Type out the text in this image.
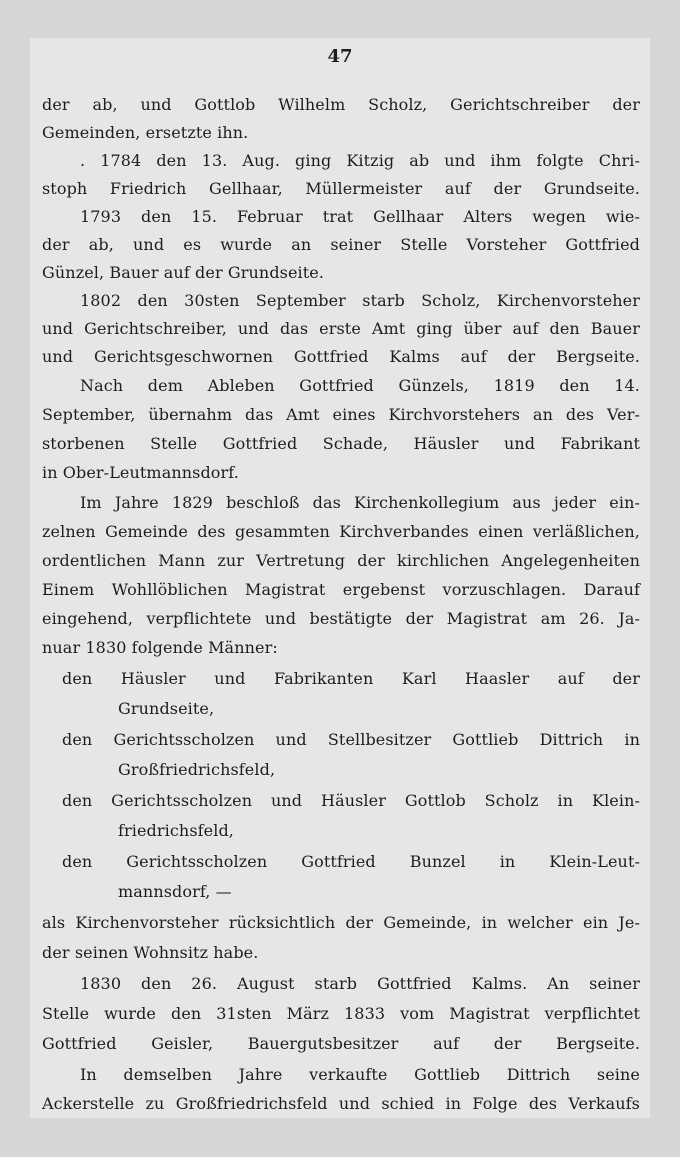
47
der ab, und Gottlob Wilhelm Scholz, Gerichtschreiber der
Gemeinden, ersetzte ihn.
. 1784 den 13. Aug. ging Kitzig ab und ihm folgte Chri-
stoph Friedrich Gellhaar, Müllermeister auf der Grundseite.
1793 den 15. Februar trat Gellhaar Alters wegen wie-
der ab, und es wurde an seiner Stelle Vorsteher Gottfried
Günzel, Bauer auf der Grundseite.
1802 den 30sten September starb Scholz, Kirchenvorsteher
und Gerichtschreiber, und das erste Amt ging über auf den Bauer
und Gerichtsgeschwornen Gottfried Kalms auf der Bergseite.
Nach dem Ableben Gottfried Günzels, 1819 den 14.
September, übernahm das Amt eines Kirchvorstehers an des Ver-
storbenen Stelle Gottfried Schade, Häusler und Fabrikant
in Ober-Leutmannsdorf.
Im Jahre 1829 beschloß das Kirchenkollegium aus jeder ein-
zelnen Gemeinde des gesammten Kirchverbandes einen verläßlichen,
ordentlichen Mann zur Vertretung der kirchlichen Angelegenheiten
Einem Wohllöblichen Magistrat ergebenst vorzuschlagen. Darauf
eingehend, verpflichtete und bestätigte der Magistrat am 26. Ja-
nuar 1830 folgende Männer:
den Häusler und Fabrikanten Karl Haasler auf der
Grundseite,
den Gerichtsscholzen und Stellbesitzer Gottlieb Dittrich in
Großfriedrichsfeld,
den Gerichtsscholzen und Häusler Gottlob Scholz in Klein-
friedrichsfeld,
den Gerichtsscholzen Gottfried Bunzel in Klein-Leut-
mannsdorf, —
als Kirchenvorsteher rücksichtlich der Gemeinde, in welcher ein Je-
der seinen Wohnsitz habe.
1830 den 26. August starb Gottfried Kalms. An seiner
Stelle wurde den 31sten März 1833 vom Magistrat verpflichtet
Gottfried Geisler, Bauergutsbesitzer auf der Bergseite.
In demselben Jahre verkaufte Gottlieb Dittrich seine
Ackerstelle zu Großfriedrichsfeld und schied in Folge des Verkaufs
